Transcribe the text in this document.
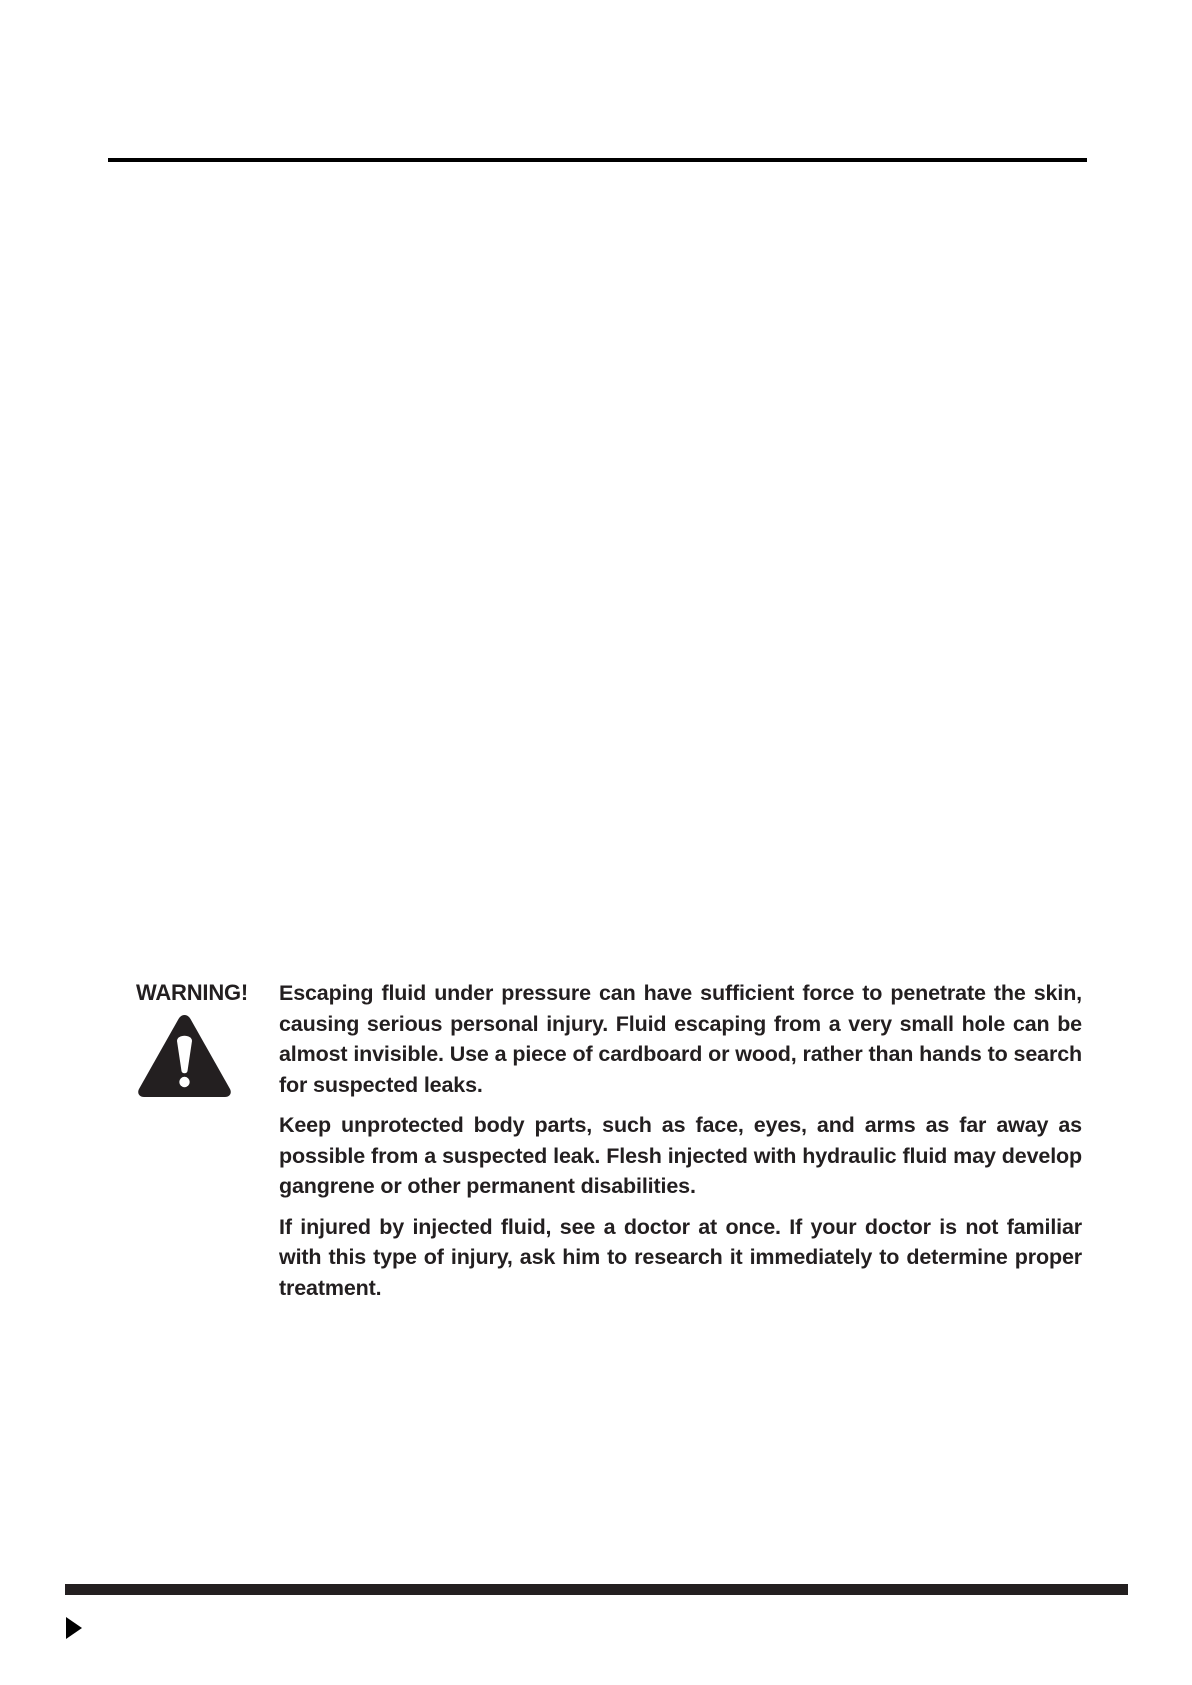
WARNING! Escaping fluid under pressure can have sufficient force to penetrate the skin, causing serious personal injury. Fluid escaping from a very small hole can be almost invisible. Use a piece of cardboard or wood, rather than hands to search for suspected leaks.

Keep unprotected body parts, such as face, eyes, and arms as far away as possible from a suspected leak. Flesh injected with hydraulic fluid may develop gangrene or other permanent disabilities.

If injured by injected fluid, see a doctor at once. If your doctor is not familiar with this type of injury, ask him to research it immediately to determine proper treatment.
